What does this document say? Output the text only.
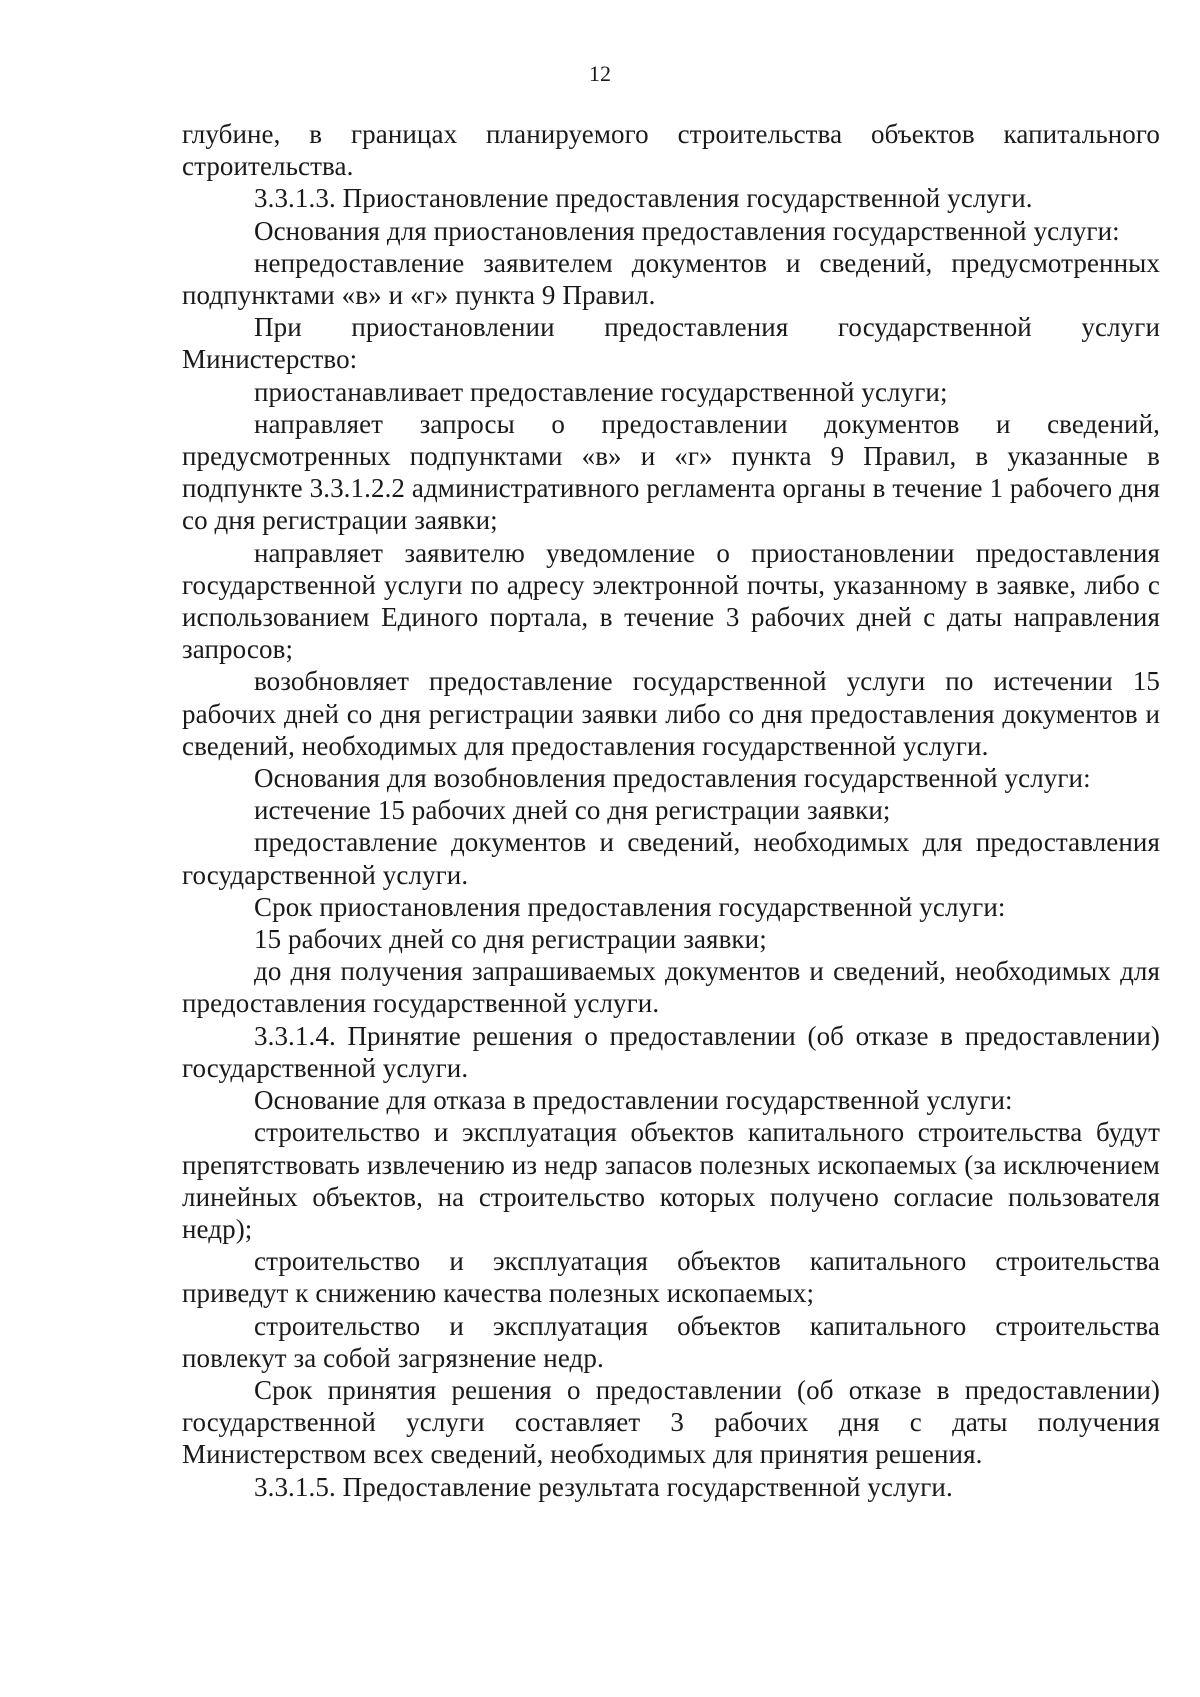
12

глубине, в границах планируемого строительства объектов капитального строительства.

3.3.1.3. Приостановление предоставления государственной услуги.

Основания для приостановления предоставления государственной услуги:

непредоставление заявителем документов и сведений, предусмотренных подпунктами «в» и «г» пункта 9 Правил.

При приостановлении предоставления государственной услуги Министерство:

приостанавливает предоставление государственной услуги;

направляет запросы о предоставлении документов и сведений, предусмотренных подпунктами «в» и «г» пункта 9 Правил, в указанные в подпункте 3.3.1.2.2 административного регламента органы в течение 1 рабочего дня со дня регистрации заявки;

направляет заявителю уведомление о приостановлении предоставления государственной услуги по адресу электронной почты, указанному в заявке, либо с использованием Единого портала, в течение 3 рабочих дней с даты направления запросов;

возобновляет предоставление государственной услуги по истечении 15 рабочих дней со дня регистрации заявки либо со дня предоставления документов и сведений, необходимых для предоставления государственной услуги.

Основания для возобновления предоставления государственной услуги:

истечение 15 рабочих дней со дня регистрации заявки;

предоставление документов и сведений, необходимых для предоставления государственной услуги.

Срок приостановления предоставления государственной услуги:

15 рабочих дней со дня регистрации заявки;

до дня получения запрашиваемых документов и сведений, необходимых для предоставления государственной услуги.

3.3.1.4. Принятие решения о предоставлении (об отказе в предоставлении) государственной услуги.

Основание для отказа в предоставлении государственной услуги:

строительство и эксплуатация объектов капитального строительства будут препятствовать извлечению из недр запасов полезных ископаемых (за исключением линейных объектов, на строительство которых получено согласие пользователя недр);

строительство и эксплуатация объектов капитального строительства приведут к снижению качества полезных ископаемых;

строительство и эксплуатация объектов капитального строительства повлекут за собой загрязнение недр.

Срок принятия решения о предоставлении (об отказе в предоставлении) государственной услуги составляет 3 рабочих дня с даты получения Министерством всех сведений, необходимых для принятия решения.

3.3.1.5. Предоставление результата государственной услуги.
